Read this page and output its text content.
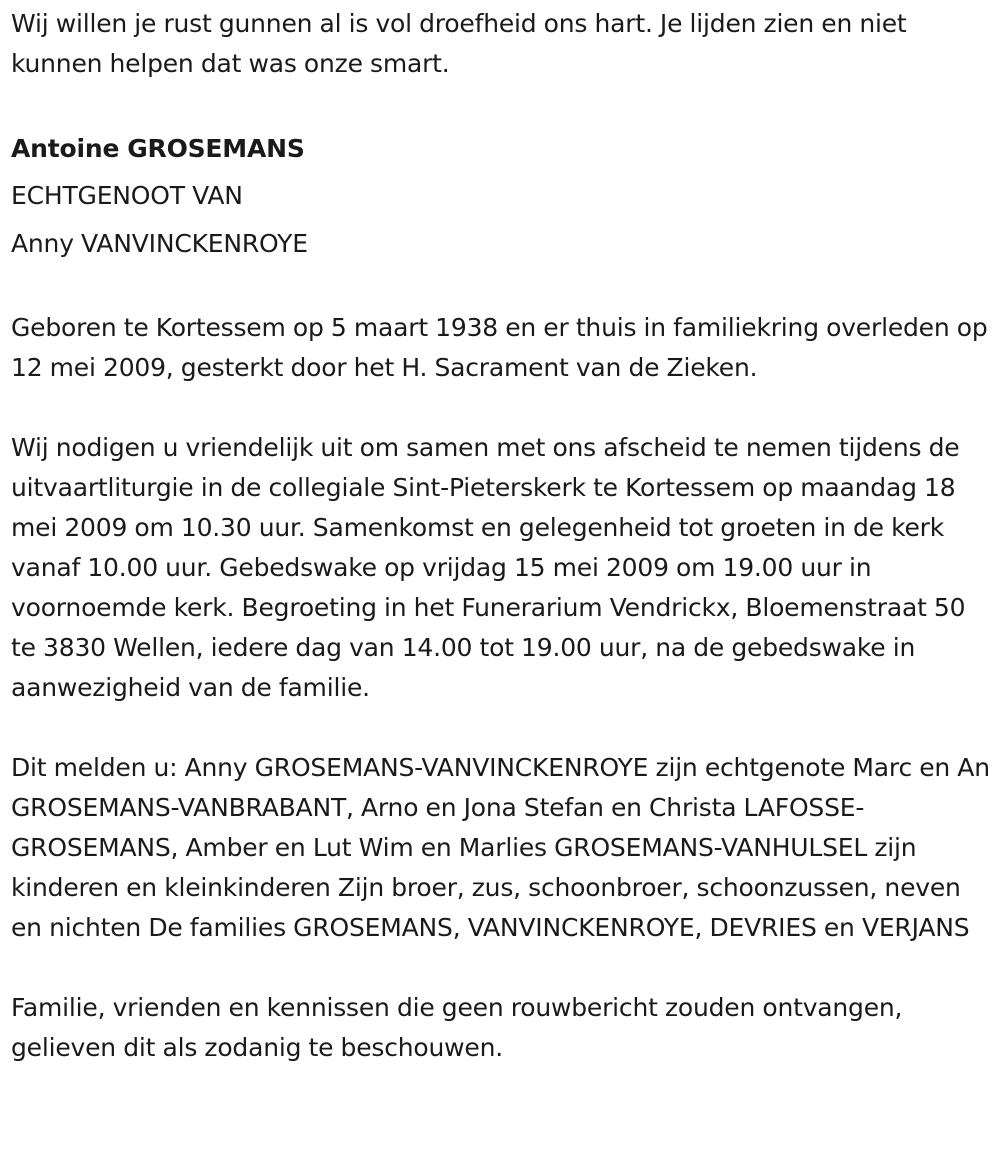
Wij willen je rust gunnen al is vol droefheid ons hart. Je lijden zien en niet kunnen helpen dat was onze smart.

Antoine GROSEMANS

ECHTGENOOT VAN

Anny VANVINCKENROYE

Geboren te Kortessem op 5 maart 1938 en er thuis in familiekring overleden op 12 mei 2009, gesterkt door het H. Sacrament van de Zieken.

Wij nodigen u vriendelijk uit om samen met ons afscheid te nemen tijdens de uitvaartliturgie in de collegiale Sint-Pieterskerk te Kortessem op maandag 18 mei 2009 om 10.30 uur. Samenkomst en gelegenheid tot groeten in de kerk vanaf 10.00 uur. Gebedswake op vrijdag 15 mei 2009 om 19.00 uur in voornoemde kerk. Begroeting in het Funerarium Vendrickx, Bloemenstraat 50 te 3830 Wellen, iedere dag van 14.00 tot 19.00 uur, na de gebedswake in aanwezigheid van de familie.

Dit melden u: Anny GROSEMANS-VANVINCKENROYE zijn echtgenote Marc en An GROSEMANS-VANBRABANT, Arno en Jona Stefan en Christa LAFOSSE-GROSEMANS, Amber en Lut Wim en Marlies GROSEMANS-VANHULSEL zijn kinderen en kleinkinderen Zijn broer, zus, schoonbroer, schoonzussen, neven en nichten De families GROSEMANS, VANVINCKENROYE, DEVRIES en VERJANS

Familie, vrienden en kennissen die geen rouwbericht zouden ontvangen, gelieven dit als zodanig te beschouwen.
